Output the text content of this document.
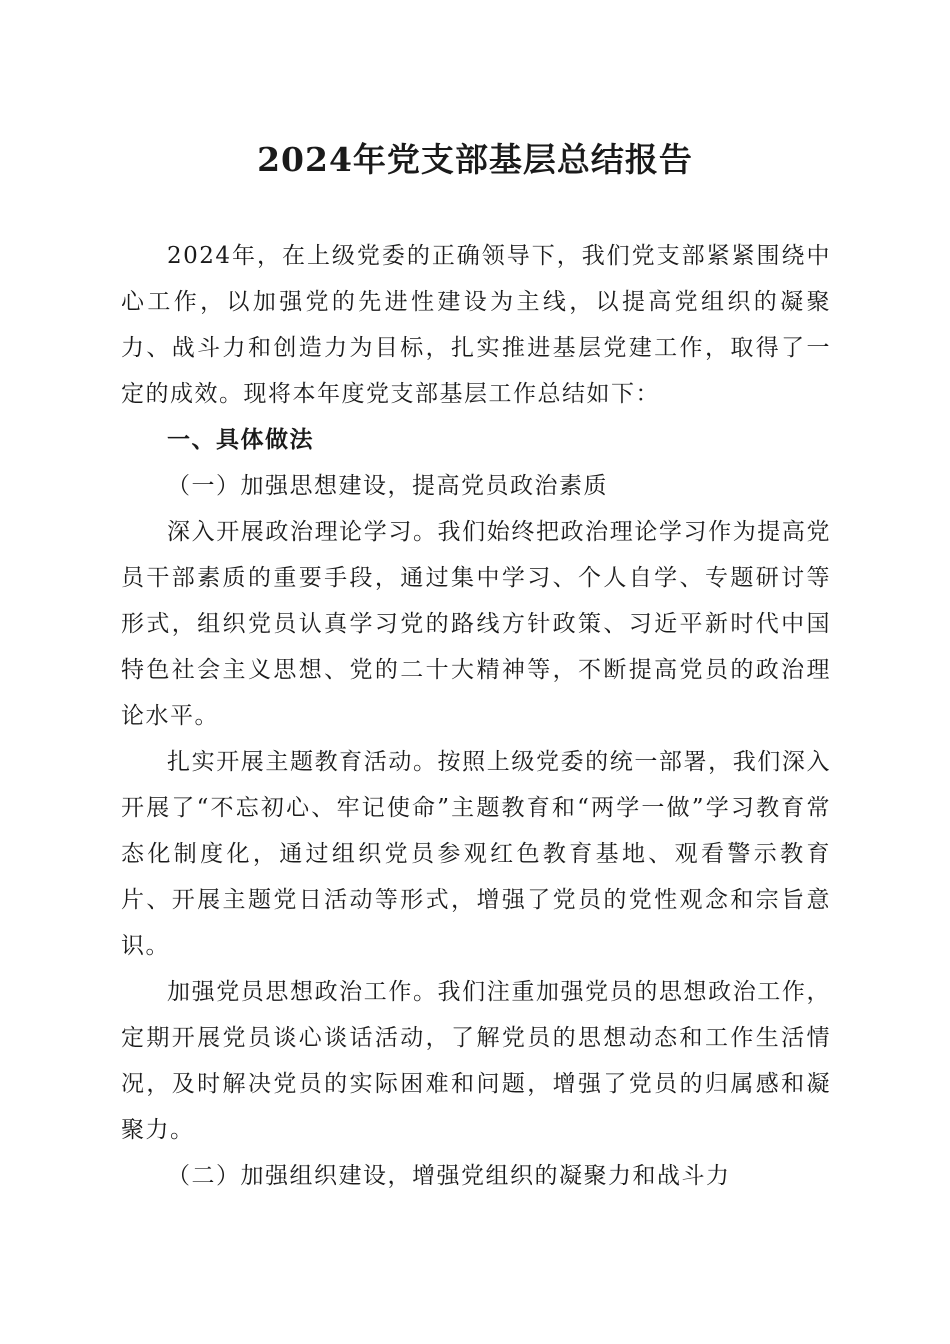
2024年党支部基层总结报告

2024年，在上级党委的正确领导下，我们党支部紧紧围绕中心工作，以加强党的先进性建设为主线，以提高党组织的凝聚力、战斗力和创造力为目标，扎实推进基层党建工作，取得了一定的成效。现将本年度党支部基层工作总结如下：

一、具体做法

（一）加强思想建设，提高党员政治素质

深入开展政治理论学习。我们始终把政治理论学习作为提高党员干部素质的重要手段，通过集中学习、个人自学、专题研讨等形式，组织党员认真学习党的路线方针政策、习近平新时代中国特色社会主义思想、党的二十大精神等，不断提高党员的政治理论水平。

扎实开展主题教育活动。按照上级党委的统一部署，我们深入开展了“不忘初心、牢记使命”主题教育和“两学一做”学习教育常态化制度化，通过组织党员参观红色教育基地、观看警示教育片、开展主题党日活动等形式，增强了党员的党性观念和宗旨意识。

加强党员思想政治工作。我们注重加强党员的思想政治工作，定期开展党员谈心谈话活动，了解党员的思想动态和工作生活情况，及时解决党员的实际困难和问题，增强了党员的归属感和凝聚力。

（二）加强组织建设，增强党组织的凝聚力和战斗力
